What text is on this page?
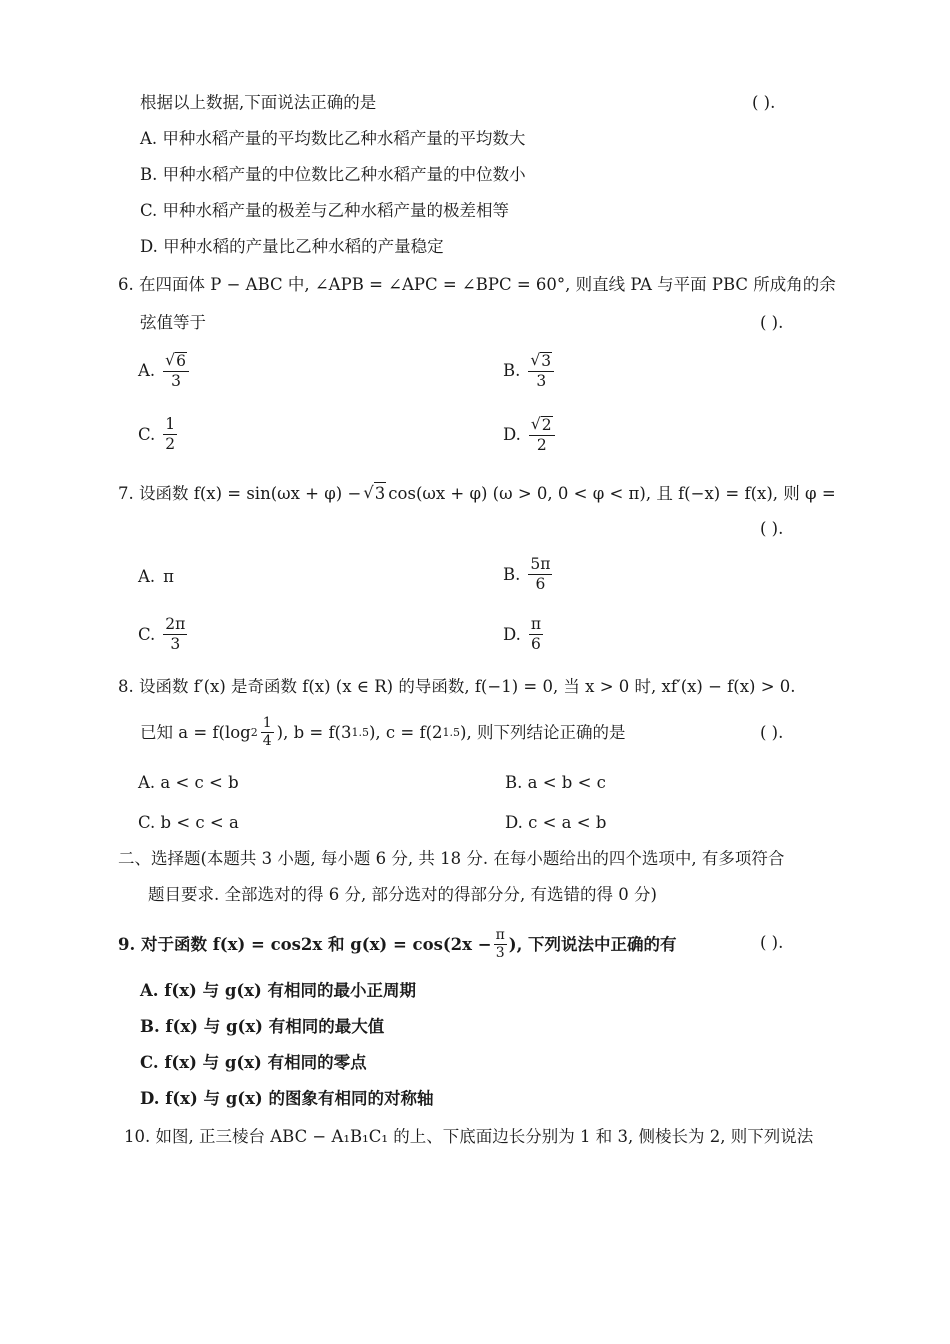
根据以上数据,下面说法正确的是	( ).
A. 甲种水稻产量的平均数比乙种水稻产量的平均数大
B. 甲种水稻产量的中位数比乙种水稻产量的中位数小
C. 甲种水稻产量的极差与乙种水稻产量的极差相等
D. 甲种水稻的产量比乙种水稻的产量稳定
6. 在四面体 P − ABC 中, ∠APB = ∠APC = ∠BPC = 60°, 则直线 PA 与平面 PBC 所成角的余
弦值等于	( ).
A. $\frac{√ 6}{3}$	B. $\frac{√ 3}{3}$
C. $\frac{1}{2}$	D. $\frac{√ 2}{2}$
7. 设函数 f(x) = sin(ωx + φ) − √ 3 cos(ωx + φ) (ω > 0, 0 < φ < π), 且 f(−x) = f(x), 则 φ =
( ).
A. π	B. $\frac{5\pi}{6}$
C. $\frac{2\pi}{3}$	D. $\frac{\pi}{6}$
8. 设函数 f′(x) 是奇函数 f(x) (x ∈ R) 的导函数, f(−1) = 0, 当 x > 0 时, xf′(x) − f(x) > 0.
已知 a = f(log $2 \frac{1}{4}$ ), b = f(3 1.5 ), c = f(2 1.5 ), 则下列结论正确的是	( ).
A. a < c < b	B. a < b < c
C. b < c < a	D. c < a < b
二、选择题(本题共 3 小题, 每小题 6 分, 共 18 分. 在每小题给出的四个选项中, 有多项符合
题目要求. 全部选对的得 6 分, 部分选对的得部分分, 有选错的得 0 分)
9. 对于函数 f(x) = cos2x 和 $g(x) = \cos(2x - \frac{\pi}{3}$ ), 下列说法中正确的有	( ).
A. f(x) 与 g(x) 有相同的最小正周期
B. f(x) 与 g(x) 有相同的最大值
C. f(x) 与 g(x) 有相同的零点
D. f(x) 与 g(x) 的图象有相同的对称轴
10. 如图, 正三棱台 ABC − A₁B₁C₁ 的上、下底面边长分别为 1 和 3, 侧棱长为 2, 则下列说法
